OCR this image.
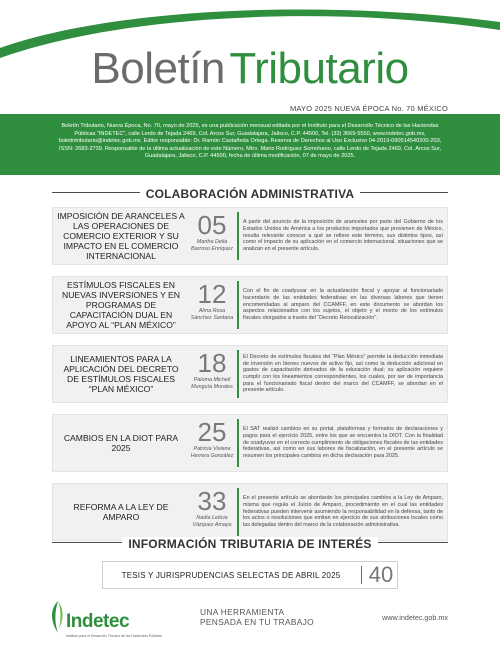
Boletín Tributario
MAYO 2025 NUEVA ÉPOCA No. 70 MÉXICO

Boletín Tributario, Nueva Época, No. 70, mayo de 2025, es una publicación mensual editada por el Instituto para el Desarrollo Técnico de las Haciendas Públicas “INDETEC”, calle Lerdo de Tejada 2469, Col. Arcos Sur, Guadalajara, Jalisco, C.P. 44500, Tel. (33) 3669-5550, www.indetec.gob.mx, boletintributario@indetec.gob.mx. Editor responsable: Dr. Ramón Castañeda Ortega. Reserva de Derechos al Uso Exclusivo 04-2019-090514540200-203, ISSN: 2683-2739. Responsable de la última actualización de este Número, Mtro. Mario Rodríguez Sornohano, calle Lerdo de Tejada 2469, Col. Arcos Sur, Guadalajara, Jalisco, C.P. 44500, fecha de última modificación, 07 de mayo de 2025.

COLABORACIÓN ADMINISTRATIVA
IMPOSICIÓN DE ARANCELES A LAS OPERACIONES DE COMERCIO EXTERIOR Y SU IMPACTO EN EL COMERCIO INTERNACIONAL
05
Martha Delia Barroso Enríquez
A partir del anuncio de la imposición de aranceles por parte del Gobierno de los Estados Unidos de América a los productos importados que provienen de México, resulta relevante conocer a qué se refiere este término, sus distintos tipos, así como el impacto de su aplicación en el comercio internacional, situaciones que se analizan en el presente artículo.
ESTÍMULOS FISCALES EN NUEVAS INVERSIONES Y EN PROGRAMAS DE CAPACITACIÓN DUAL EN APOYO AL “PLAN MÉXICO”
12
Alma Rosa Sánchez Santana
Con el fin de coadyuvar en la actualización fiscal y apoyar al funcionariado hacendario de las entidades federativas en las diversas labores que tienen encomendadas al amparo del CCAMFF, en este documento se abordan los aspectos relacionados con los sujetos, el objeto y el monto de los estímulos fiscales otorgados a través del “Decreto Relocalización”.
LINEAMIENTOS PARA LA APLICACIÓN DEL DECRETO DE ESTÍMULOS FISCALES “PLAN MÉXICO”
18
Paloma Michell Munguía Morales
El Decreto de estímulos fiscales del “Plan México” permite la deducción inmediata de inversión en bienes nuevos de activo fijo, así como la deducción adicional en gastos de capacitación derivados de la educación dual; su aplicación requiere cumplir con los lineamientos correspondientes, los cuales, por ser de importancia para el funcionariado fiscal dentro del marco del CCAMFF, se abordan en el presente artículo.
CAMBIOS EN LA DIOT PARA 2025
25
Patricia Viviana Herrera González
El SAT realizó cambios en su portal, plataformas y formatos de declaraciones y pagos para el ejercicio 2025, entre los que se encuentra la DIOT. Con la finalidad de coadyuvar en el correcto cumplimiento de obligaciones fiscales de las entidades federativas, así como en sus labores de fiscalización, en el presente artículo se resumen los principales cambios en dicha declaración para 2025.
REFORMA A LA LEY DE AMPARO
33
Nadia Leticia Vázquez Amaya
En el presente artículo se abordarán los principales cambios a la Ley de Amparo, misma que regula el Juicio de Amparo, procedimiento en el cual las entidades federativas pueden intervenir asumiendo la responsabilidad en la defensa, tanto de los actos o resoluciones que emitan en ejercicio de sus atribuciones locales como las delegadas dentro del marco de la colaboración administrativa.
INFORMACIÓN TRIBUTARIA DE INTERÉS
TESIS Y JURISPRUDENCIAS SELECTAS DE ABRIL 2025	40
Indetec
Instituto para el Desarrollo Técnico de las Haciendas Públicas
UNA HERRAMIENTA
PENSADA EN TU TRABAJO	www.indetec.gob.mx
